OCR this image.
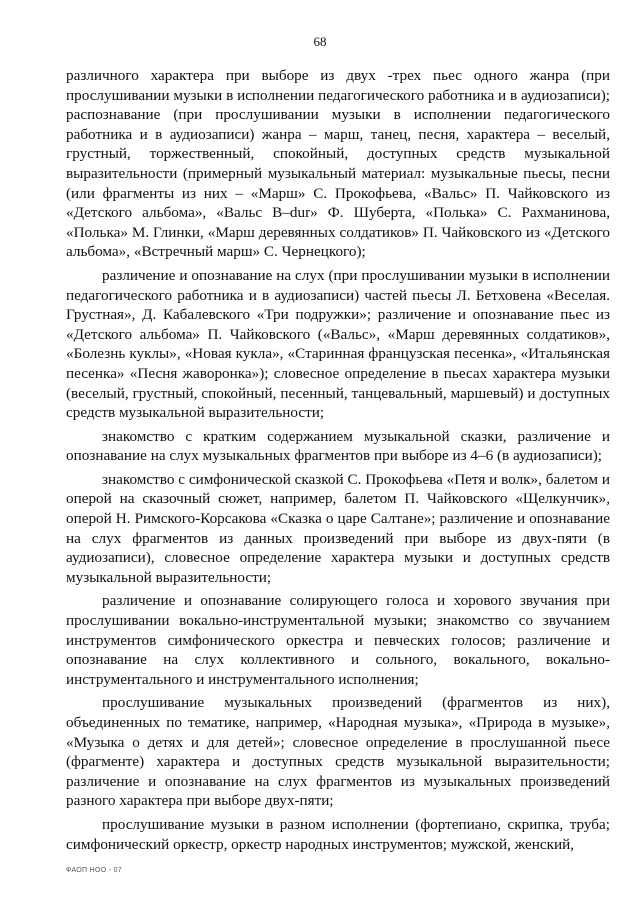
68

различного характера при выборе из двух -трех пьес одного жанра (при прослушивании музыки в исполнении педагогического работника и в аудиозаписи); распознавание (при прослушивании музыки в исполнении педагогического работника и в аудиозаписи) жанра – марш, танец, песня, характера – веселый, грустный, торжественный, спокойный, доступных средств музыкальной выразительности (примерный музыкальный материал: музыкальные пьесы, песни (или фрагменты из них – «Марш» С. Прокофьева, «Вальс» П. Чайковского из «Детского альбома», «Вальс B–dur» Ф. Шуберта, «Полька» С. Рахманинова, «Полька» М. Глинки, «Марш деревянных солдатиков» П. Чайковского из «Детского альбома», «Встречный марш» С. Чернецкого);

различение и опознавание на слух (при прослушивании музыки в исполнении педагогического работника и в аудиозаписи) частей пьесы Л. Бетховена «Веселая. Грустная», Д. Кабалевского «Три подружки»; различение и опознавание пьес из «Детского альбома» П. Чайковского («Вальс», «Марш деревянных солдатиков», «Болезнь куклы», «Новая кукла», «Старинная французская песенка», «Итальянская песенка» «Песня жаворонка»); словесное определение в пьесах характера музыки (веселый, грустный, спокойный, песенный, танцевальный, маршевый) и доступных средств музыкальной выразительности;

знакомство с кратким содержанием музыкальной сказки, различение и опознавание на слух музыкальных фрагментов при выборе из 4–6 (в аудиозаписи);

знакомство с симфонической сказкой С. Прокофьева «Петя и волк», балетом и оперой на сказочный сюжет, например, балетом П. Чайковского «Щелкунчик», оперой Н. Римского-Корсакова «Сказка о царе Салтане»; различение и опознавание на слух фрагментов из данных произведений при выборе из двух-пяти (в аудиозаписи), словесное определение характера музыки и доступных средств музыкальной выразительности;

различение и опознавание солирующего голоса и хорового звучания при прослушивании вокально-инструментальной музыки; знакомство со звучанием инструментов симфонического оркестра и певческих голосов; различение и опознавание на слух коллективного и сольного, вокального, вокально-инструментального и инструментального исполнения;

прослушивание музыкальных произведений (фрагментов из них), объединенных по тематике, например, «Народная музыка», «Природа в музыке», «Музыка о детях и для детей»; словесное определение в прослушанной пьесе (фрагменте) характера и доступных средств музыкальной выразительности; различение и опознавание на слух фрагментов из музыкальных произведений разного характера при выборе двух-пяти;

прослушивание музыки в разном исполнении (фортепиано, скрипка, труба; симфонический оркестр, оркестр народных инструментов; мужской, женский,

ФАОП НОО - 07
